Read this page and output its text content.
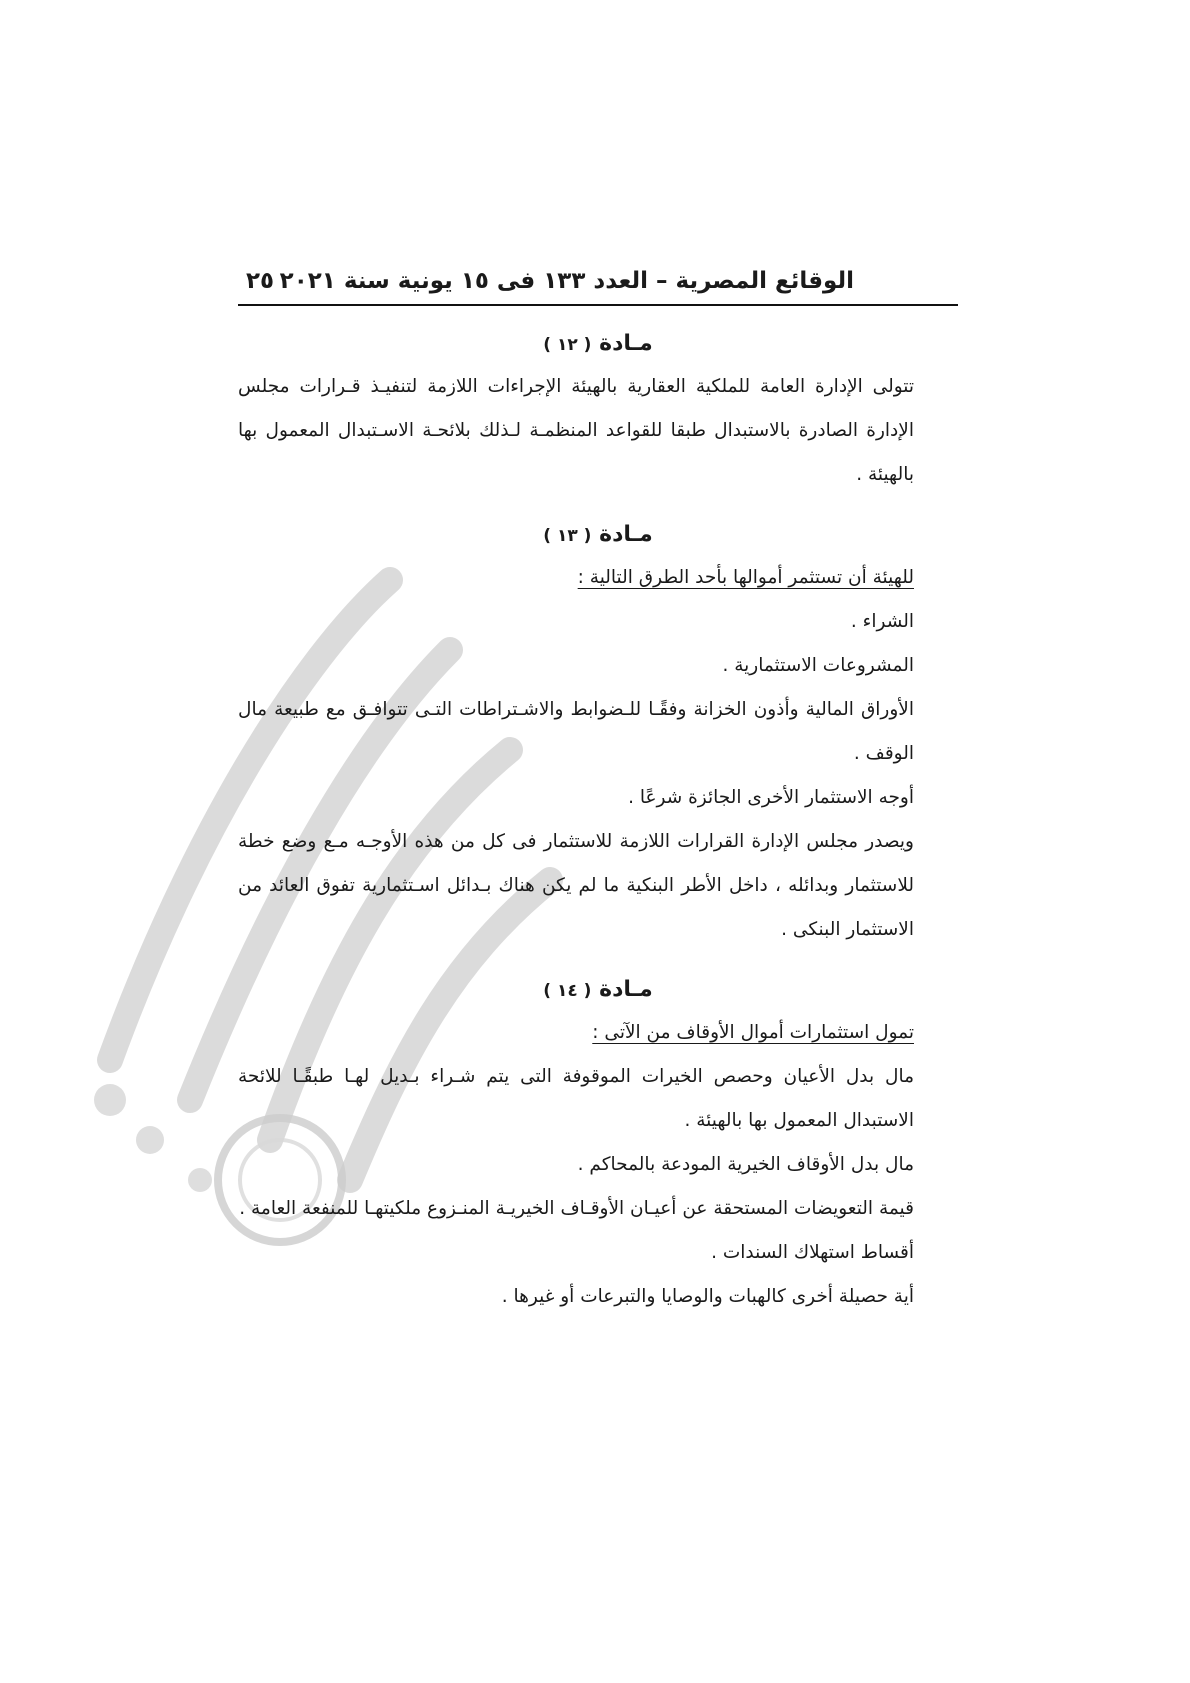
الوقائع المصرية – العدد ١٣٣ فى ١٥ يونية سنة ٢٠٢١
٢٥
مـادة ( ١٢ )

تتولى الإدارة العامة للملكية العقارية بالهيئة الإجراءات اللازمة لتنفيـذ قـرارات مجلس الإدارة الصادرة بالاستبدال طبقا للقواعد المنظمـة لـذلك بلائحـة الاسـتبدال المعمول بها بالهيئة .

مـادة ( ١٣ )

للهيئة أن تستثمر أموالها بأحد الطرق التالية :

الشراء .

المشروعات الاستثمارية .

الأوراق المالية وأذون الخزانة وفقًـا للـضوابط والاشـتراطات التـى تتوافـق مع طبيعة مال الوقف .

أوجه الاستثمار الأخرى الجائزة شرعًا .

ويصدر مجلس الإدارة القرارات اللازمة للاستثمار فى كل من هذه الأوجـه مـع وضع خطة للاستثمار وبدائله ، داخل الأطر البنكية ما لم يكن هناك بـدائل اسـتثمارية تفوق العائد من الاستثمار البنكى .

مـادة ( ١٤ )

تمول استثمارات أموال الأوقاف من الآتى :

مال بدل الأعيان وحصص الخيرات الموقوفة التى يتم شـراء بـديل لهـا طبقًـا للائحة الاستبدال المعمول بها بالهيئة .

مال بدل الأوقاف الخيرية المودعة بالمحاكم .

قيمة التعويضات المستحقة عن أعيـان الأوقـاف الخيريـة المنـزوع ملكيتهـا للمنفعة العامة .

أقساط استهلاك السندات .

أية حصيلة أخرى كالهبات والوصايا والتبرعات أو غيرها .
